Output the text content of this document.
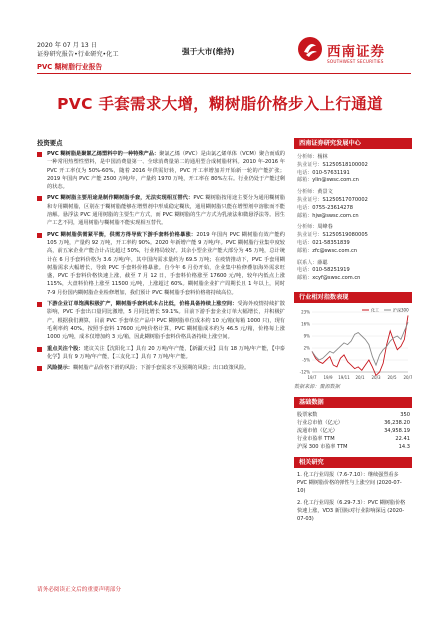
2020 年 07 月 13 日
证券研究报告•行业研究•化工
PVC 糊树脂行业报告
强于大市(维持)	西南证券
SOUTHWEST SECURITIES
PVC 手套需求大增，糊树脂价格步入上行通道
投资要点
PVC 糊树脂是聚氯乙烯塑料中的一种特殊产品：聚氯乙烯（PVC）是由氯乙烯单体（VCM）聚合而成的一种常用热塑性塑料，是中国消费量第一、全球消费量第二的通用型合成树脂材料。2010 年-2016 年 PVC 开工率仅为 50%-60%，随着 2016 年供需好转，PVC 开工率增加并开始新一轮的产能扩张；2019 年国内 PVC 产能 2500 万吨/年，产量约 1970 万吨，开工率在 80%左右。行业仍处于产能过剩的状态。
PVC 糊树脂主要用途是制作糊树脂手套，无法实现相互替代：PVC 糊树脂按用途主要分为通用糊树脂和专用糊树脂，区别在于糊树脂能够在增塑剂中形成稳定糊状，通用糊树脂只能在增塑剂中溶胀而不能溶解。悬浮法 PVC 通用树脂的主要生产方式，而 PVC 糊树脂的生产方式为乳液法和微悬浮法等。因生产工艺不同，通用树脂与糊树脂不能实现相互替代。
PVC 糊树脂供需紧平衡，供需方得导致下游手套料价格暴涨：2019 年国内 PVC 糊树脂有效产能约 105 万吨，产量约 92 万吨，开工率约 90%。2020 年新增产能 9 万吨/年。PVC 糊树脂行业集中度较高，前五家企业产能合计占比超过 50%，行业格局较好。其余小型企业产能大部分为 45 万吨，总计统计在 6 月手套料价格为 3.6 万吨/年，其中国内需求量约为 69.5 万吨；在疫情推动下，PVC 手套用糊树脂需求大幅增长，导致 PVC 手套料价格暴涨。自今年 6 月份开始，企业集中检修叠加海外需求旺盛，PVC 手套料价格快速上涨，截至 7 月 12 日，手套料价格涨至 17600 元/吨，较年内低点上涨 115%，大盘料价格上涨至 11500 元/吨，上涨超过 60%。糊树脂企业扩产周期长且 1 年以上，同时 7-9 月份国内糊树脂企业检修增加，我们预计 PVC 糊树脂手套料价格将持续高位。
下游企业订单饱满积极扩产，糊树脂手套料成本占比低，价格具备持续上涨空间：受海外疫情持续扩散影响，PVC 手套出口量同比激增，5 月同比增长 59.1%。目前下游手套企业订单大幅增长，并积极扩产。根据我们测算，目前 PVC 手套单位产品中 PVC 糊树脂单位成本约 10 元/箱(每箱 1000 只)，现有毛利率约 40%。按照手套料 17600 元/吨价格计算，PVC 糊树脂成本约为 46.5 元/箱，价格每上涨 1000 元/吨，成本仅增加约 3 元/箱，因此糊树脂手套料价格具备持续上涨空间。
重点关注个股：建议关注【沈阳化工】具有 20 万吨/年产能，【新疆天业】具有 18 万吨/年产能，【中泰化学】具有 9 万吨/年产能，【三友化工】具有 7 万吨/年产能。
风险提示：糊树脂产品价格下滑的风险；下游手套需求不及预期的风险；出口政策风险。
请务必阅读正文后的重要声明部分
西南证券研究发展中心
分析师：杨林
执业证号：S1250518100002
电话：010-57631191
邮箱：ylin@swsc.com.cn
分析师：黄景文
执业证号：S1250517070002
电话：0755-23614278
邮箱：hjw@swsc.com.cn
分析师：周峰春
执业证号：S1250519080005
电话：021-58351839
邮箱：zfc@swsc.com.cn
联系人：薛聪
电话：010-58251919
邮箱：xcyf@swsc.com.cn
行业相对指数表现
23%
16%
9%
2%
-5%
-12%
19/7 19/9 19/11 20/1 20/3 20/5 20/7
化工	沪深300
数据来源：聚源数据
基础数据
股票家数	350
行业总市值（亿元）	36,238.20
流通市值（亿元）	34,958.19
行业市盈率 TTM	22.41
沪深 300 市盈率 TTM	14.3
相关研究
1. 化工行业周报（7.6-7.10）：继续强烈看多 PVC 糊树脂价格的弹性与上涨空间 (2020-07-10)
2. 化工行业周报（6.29-7.3）：PVC 糊树脂价格快速上涨，VD3 新国标对行业影响深远 (2020-07-03)
